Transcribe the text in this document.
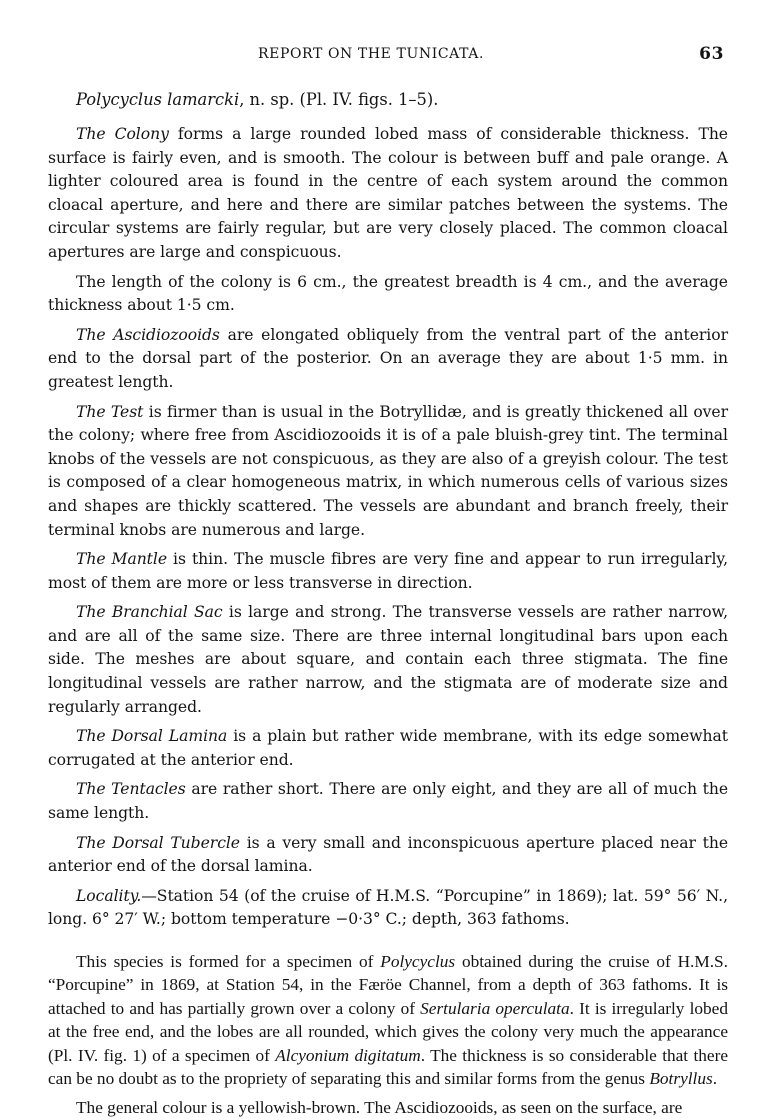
REPORT ON THE TUNICATA.	63
Polycyclus lamarcki, n. sp. (Pl. IV. figs. 1–5).

The Colony forms a large rounded lobed mass of considerable thickness. The surface is fairly even, and is smooth. The colour is between buff and pale orange. A lighter coloured area is found in the centre of each system around the common cloacal aperture, and here and there are similar patches between the systems. The circular systems are fairly regular, but are very closely placed. The common cloacal apertures are large and conspicuous.

The length of the colony is 6 cm., the greatest breadth is 4 cm., and the average thickness about 1·5 cm.

The Ascidiozooids are elongated obliquely from the ventral part of the anterior end to the dorsal part of the posterior. On an average they are about 1·5 mm. in greatest length.

The Test is firmer than is usual in the Botryllidæ, and is greatly thickened all over the colony; where free from Ascidiozooids it is of a pale bluish-grey tint. The terminal knobs of the vessels are not conspicuous, as they are also of a greyish colour. The test is composed of a clear homogeneous matrix, in which numerous cells of various sizes and shapes are thickly scattered. The vessels are abundant and branch freely, their terminal knobs are numerous and large.

The Mantle is thin. The muscle fibres are very fine and appear to run irregularly, most of them are more or less transverse in direction.

The Branchial Sac is large and strong. The transverse vessels are rather narrow, and are all of the same size. There are three internal longitudinal bars upon each side. The meshes are about square, and contain each three stigmata. The fine longitudinal vessels are rather narrow, and the stigmata are of moderate size and regularly arranged.

The Dorsal Lamina is a plain but rather wide membrane, with its edge somewhat corrugated at the anterior end.

The Tentacles are rather short. There are only eight, and they are all of much the same length.

The Dorsal Tubercle is a very small and inconspicuous aperture placed near the anterior end of the dorsal lamina.

Locality.—Station 54 (of the cruise of H.M.S. “Porcupine” in 1869); lat. 59° 56′ N., long. 6° 27′ W.; bottom temperature −0·3° C.; depth, 363 fathoms.

This species is formed for a specimen of Polycyclus obtained during the cruise of H.M.S. “Porcupine” in 1869, at Station 54, in the Færöe Channel, from a depth of 363 fathoms. It is attached to and has partially grown over a colony of Sertularia operculata. It is irregularly lobed at the free end, and the lobes are all rounded, which gives the colony very much the appearance (Pl. IV. fig. 1) of a specimen of Alcyonium digitatum. The thickness is so considerable that there can be no doubt as to the propriety of separating this and similar forms from the genus Botryllus.

The general colour is a yellowish-brown. The Ascidiozooids, as seen on the surface, are
